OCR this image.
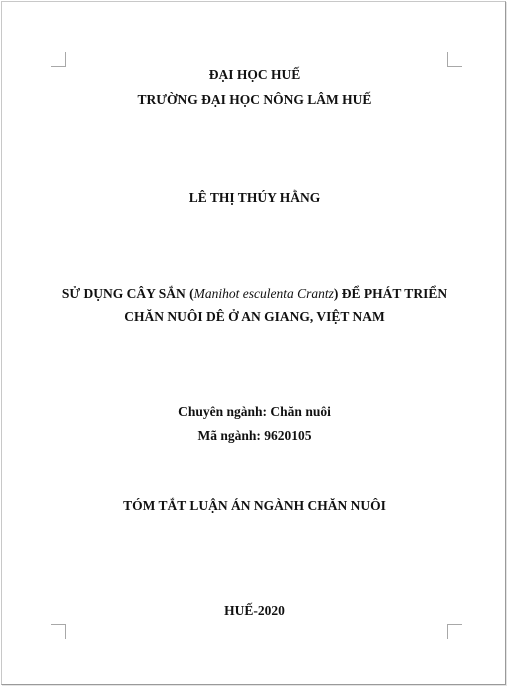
ĐẠI HỌC HUẾ
TRƯỜNG ĐẠI HỌC NÔNG LÂM HUẾ
LÊ THỊ THÚY HẰNG
SỬ DỤNG CÂY SẮN (Manihot esculenta Crantz) ĐỂ PHÁT TRIỂN
CHĂN NUÔI DÊ Ở AN GIANG, VIỆT NAM
Chuyên ngành: Chăn nuôi
Mã ngành: 9620105
TÓM TẮT LUẬN ÁN NGÀNH CHĂN NUÔI
HUẾ-2020
